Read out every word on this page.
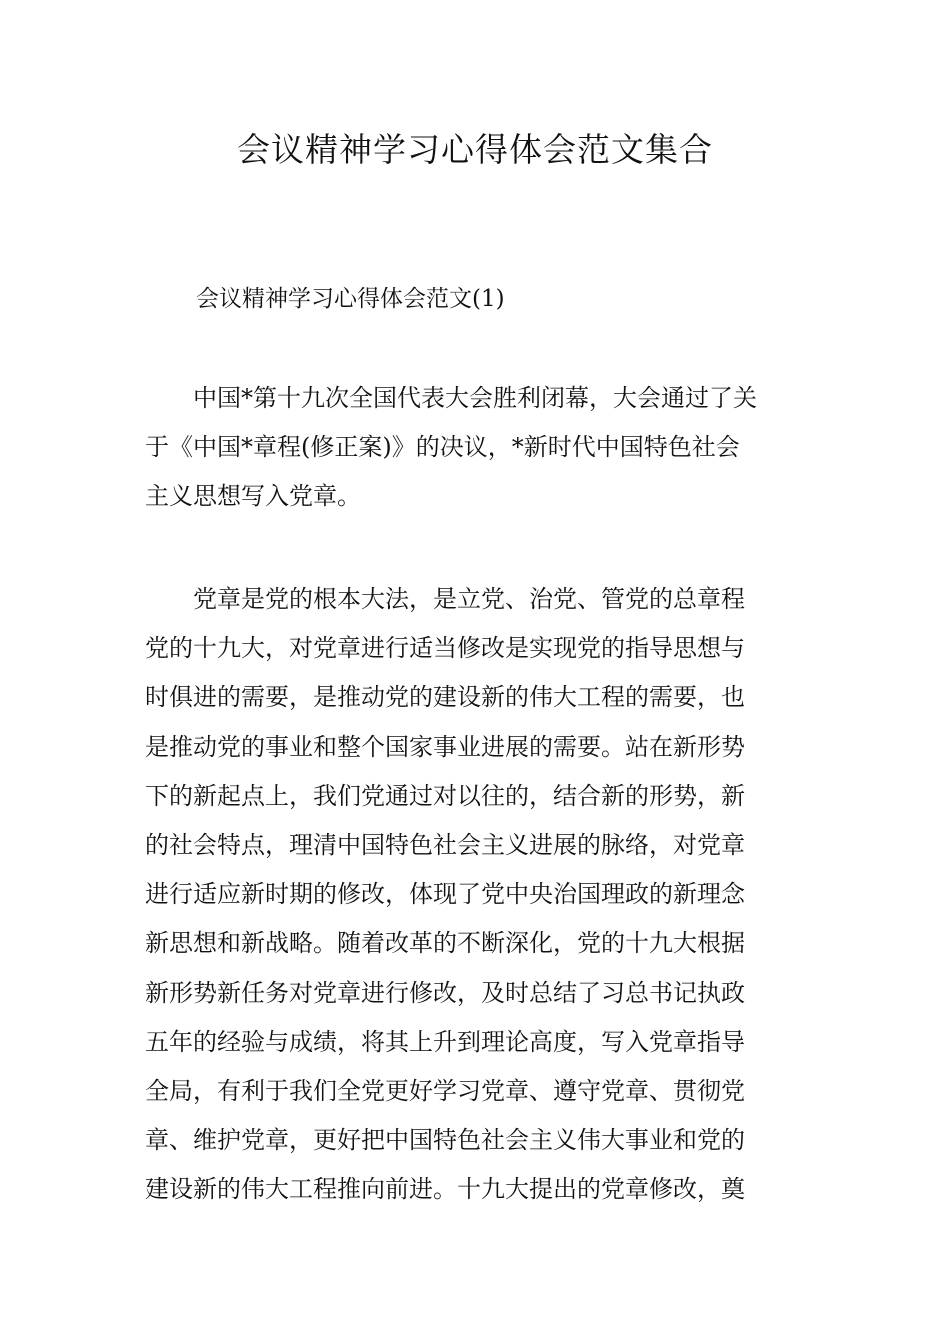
会议精神学习心得体会范文集合

会议精神学习心得体会范文(1)

　　中国*第十九次全国代表大会胜利闭幕，大会通过了关
于《中国*章程(修正案)》的决议，*新时代中国特色社会
主义思想写入党章。
　　党章是党的根本大法，是立党、治党、管党的总章程
党的十九大，对党章进行适当修改是实现党的指导思想与
时俱进的需要，是推动党的建设新的伟大工程的需要，也
是推动党的事业和整个国家事业进展的需要。站在新形势
下的新起点上，我们党通过对以往的，结合新的形势，新
的社会特点，理清中国特色社会主义进展的脉络，对党章
进行适应新时期的修改，体现了党中央治国理政的新理念
新思想和新战略。随着改革的不断深化，党的十九大根据
新形势新任务对党章进行修改，及时总结了习总书记执政
五年的经验与成绩，将其上升到理论高度，写入党章指导
全局，有利于我们全党更好学习党章、遵守党章、贯彻党
章、维护党章，更好把中国特色社会主义伟大事业和党的
建设新的伟大工程推向前进。十九大提出的党章修改，奠
